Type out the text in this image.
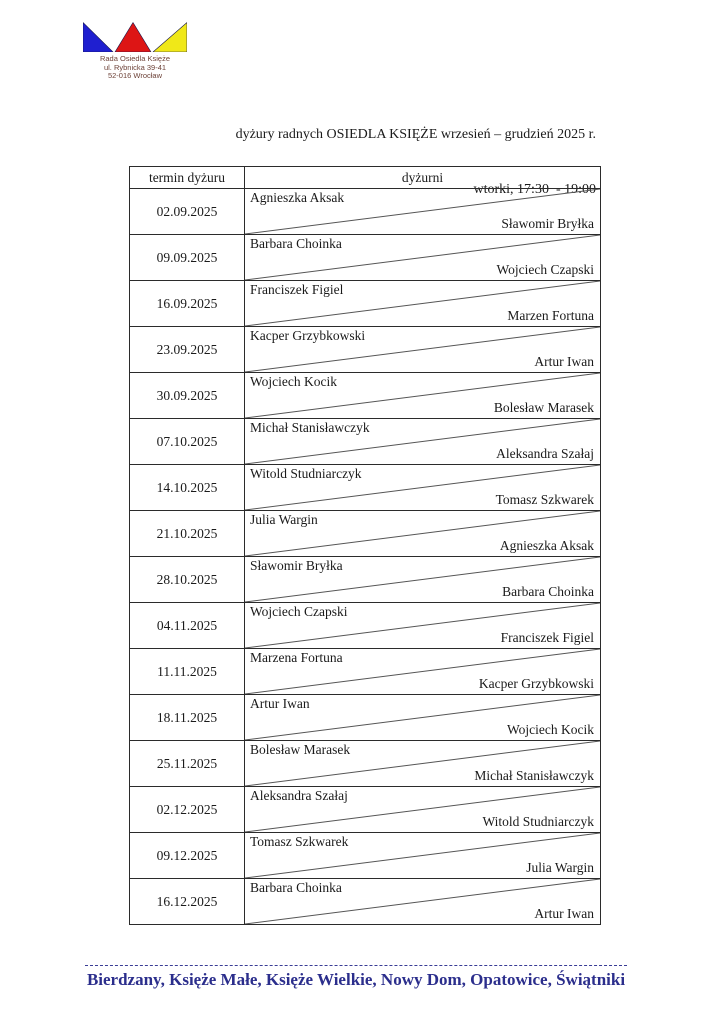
Rada Osiedla Księże
ul. Rybnicka 39-41
52-016 Wrocław

dyżury radnych OSIEDLA KSIĘŻE wrzesień – grudzień 2025 r.

wtorki, 17:30  - 19:00

termin dyżuru	dyżurni
02.09.2025	Agnieszka Aksak
Sławomir Bryłka

09.09.2025	Barbara Choinka
Wojciech Czapski

16.09.2025	Franciszek Figiel
Marzen Fortuna

23.09.2025	Kacper Grzybkowski
Artur Iwan

30.09.2025	Wojciech Kocik
Bolesław Marasek

07.10.2025	Michał Stanisławczyk
Aleksandra Szałaj

14.10.2025	Witold Studniarczyk
Tomasz Szkwarek

21.10.2025	Julia Wargin
Agnieszka Aksak

28.10.2025	Sławomir Bryłka
Barbara Choinka

04.11.2025	Wojciech Czapski
Franciszek Figiel

11.11.2025	Marzena Fortuna
Kacper Grzybkowski

18.11.2025	Artur Iwan
Wojciech Kocik

25.11.2025	Bolesław Marasek
Michał Stanisławczyk

02.12.2025	Aleksandra Szałaj
Witold Studniarczyk

09.12.2025	Tomasz Szkwarek
Julia Wargin

16.12.2025	Barbara Choinka
Artur Iwan
Bierdzany, Księże Małe, Księże Wielkie, Nowy Dom, Opatowice, Świątniki
